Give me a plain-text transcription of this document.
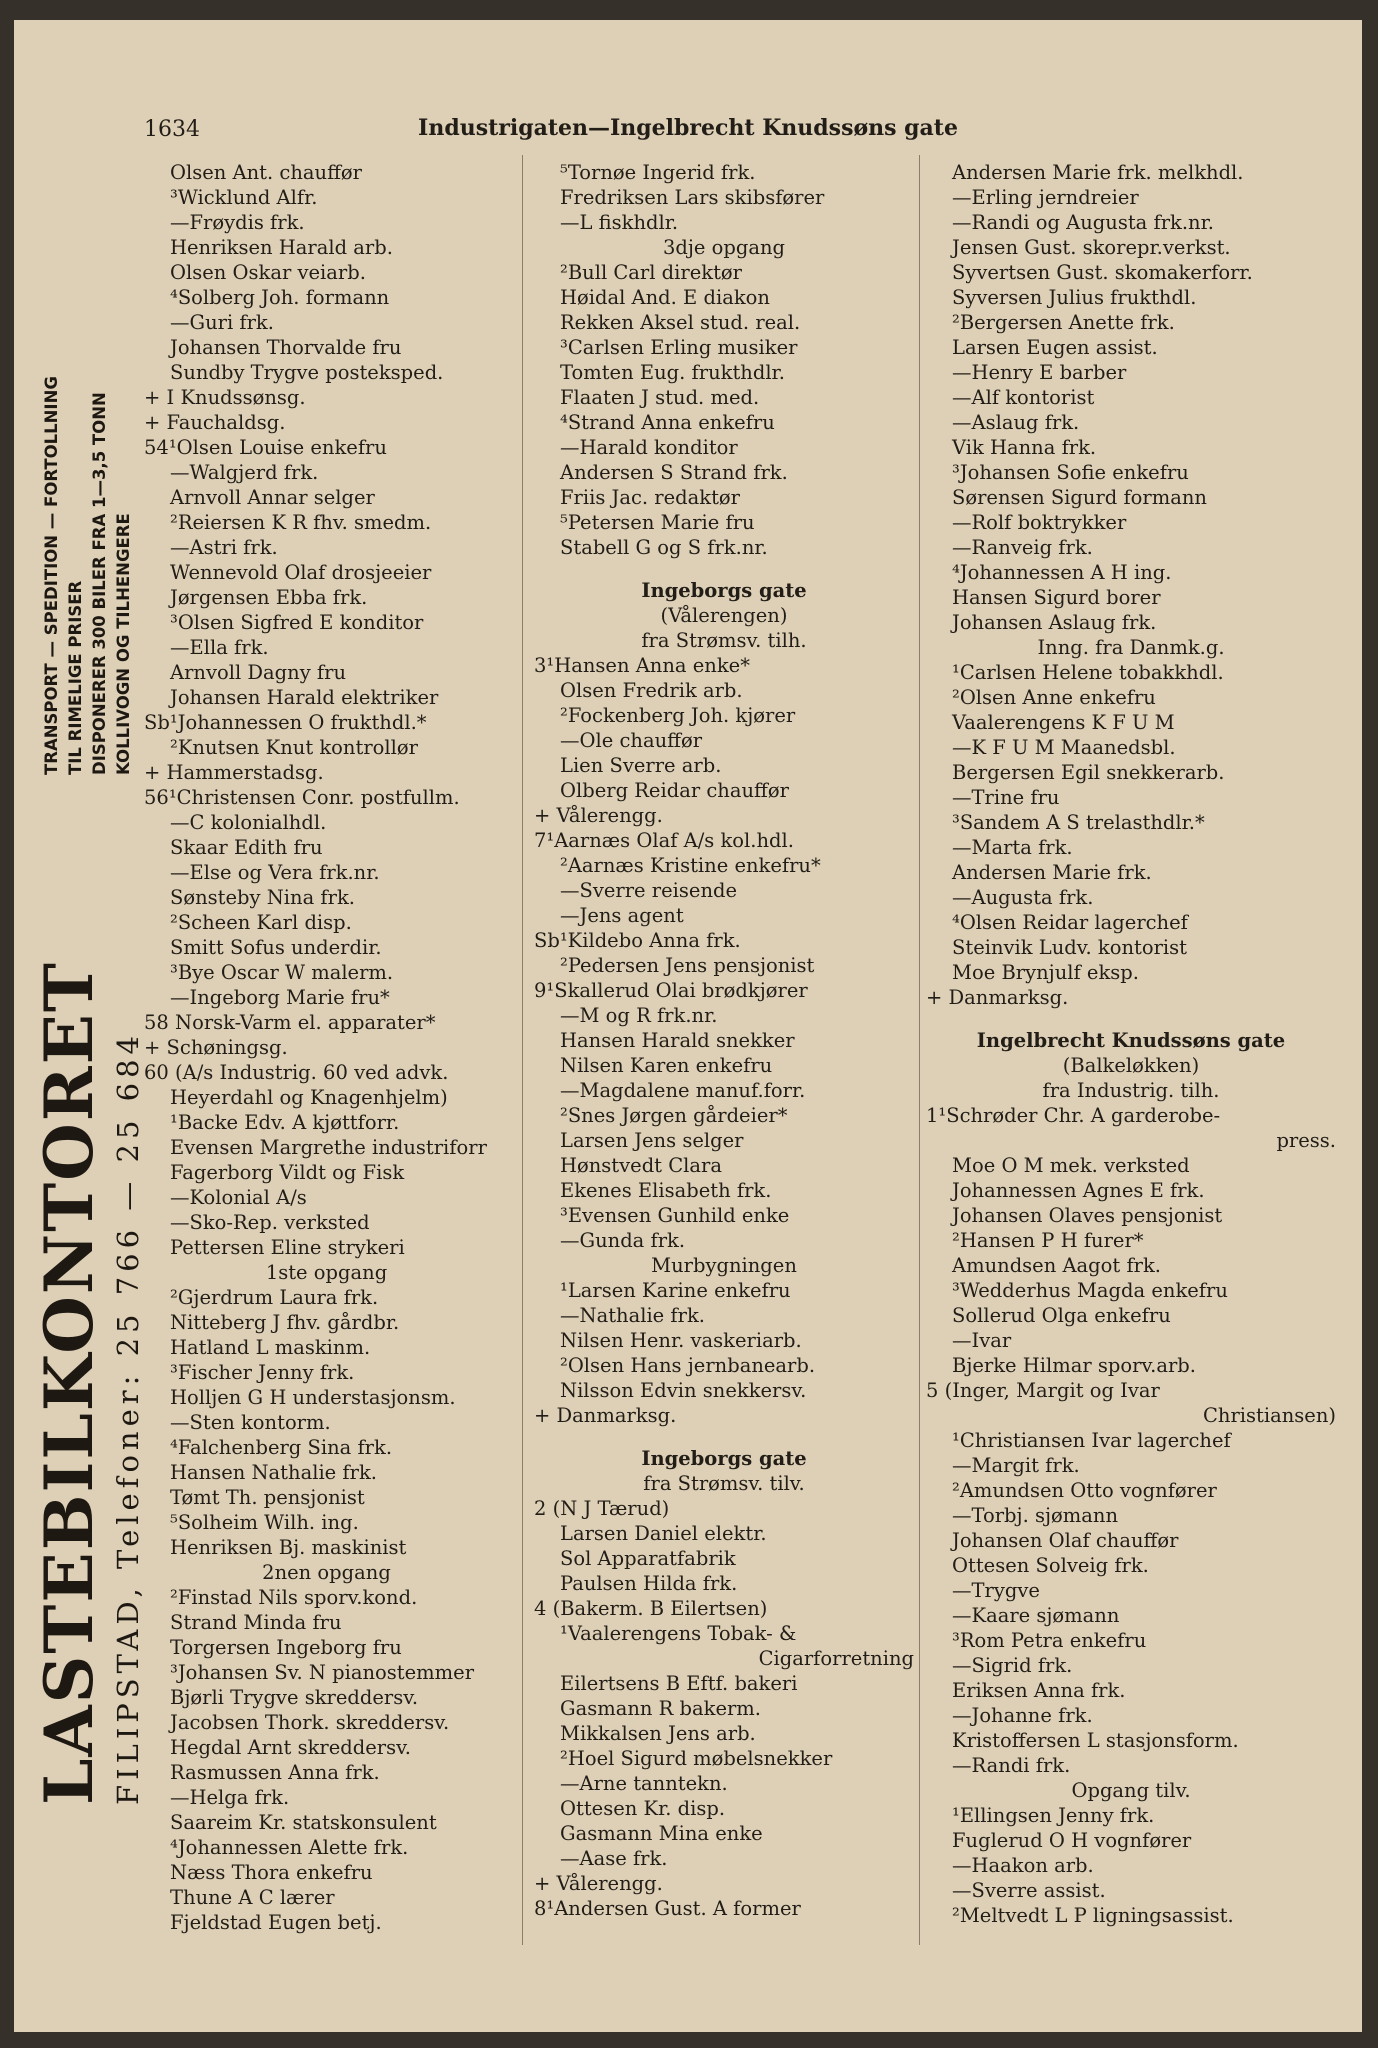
1634	Industrigaten—Ingelbrecht Knudssøns gate
LASTEBILKONTORET FILIPSTAD, Telefoner: 25 766 — 25 684
TRANSPORT — SPEDITION — FORTOLLNING TIL RIMELIGE PRISER DISPONERER 300 BILER FRA 1—3,5 TONN KOLLIVOGN OG TILHENGERE
Olsen Ant. chauffør
³Wicklund Alfr.
—Frøydis frk.
Henriksen Harald arb.
Olsen Oskar veiarb.
⁴Solberg Joh. formann
—Guri frk.
Johansen Thorvalde fru
Sundby Trygve posteksped.
+ I Knudssønsg.
+ Fauchaldsg.
54¹Olsen Louise enkefru
—Walgjerd frk.
Arnvoll Annar selger
²Reiersen K R fhv. smedm.
—Astri frk.
Wennevold Olaf drosjeeier
Jørgensen Ebba frk.
³Olsen Sigfred E konditor
—Ella frk.
Arnvoll Dagny fru
Johansen Harald elektriker
Sb¹Johannessen O frukthdl.*
²Knutsen Knut kontrollør
+ Hammerstadsg.
56¹Christensen Conr. postfullm.
—C kolonialhdl.
Skaar Edith fru
—Else og Vera frk.nr.
Sønsteby Nina frk.
²Scheen Karl disp.
Smitt Sofus underdir.
³Bye Oscar W malerm.
—Ingeborg Marie fru*
58 Norsk-Varm el. apparater*
+ Schøningsg.
60 (A/s Industrig. 60 ved advk.
Heyerdahl og Knagenhjelm)
¹Backe Edv. A kjøttforr.
Evensen Margrethe industriforr
Fagerborg Vildt og Fisk
—Kolonial A/s
—Sko-Rep. verksted
Pettersen Eline strykeri
1ste opgang
²Gjerdrum Laura frk.
Nitteberg J fhv. gårdbr.
Hatland L maskinm.
³Fischer Jenny frk.
Holljen G H understasjonsm.
—Sten kontorm.
⁴Falchenberg Sina frk.
Hansen Nathalie frk.
Tømt Th. pensjonist
⁵Solheim Wilh. ing.
Henriksen Bj. maskinist
2nen opgang
²Finstad Nils sporv.kond.
Strand Minda fru
Torgersen Ingeborg fru
³Johansen Sv. N pianostemmer
Bjørli Trygve skreddersv.
Jacobsen Thork. skreddersv.
Hegdal Arnt skreddersv.
Rasmussen Anna frk.
—Helga frk.
Saareim Kr. statskonsulent
⁴Johannessen Alette frk.
Næss Thora enkefru
Thune A C lærer
Fjeldstad Eugen betj.
⁵Tornøe Ingerid frk.
Fredriksen Lars skibsfører
—L fiskhdlr.
3dje opgang
²Bull Carl direktør
Høidal And. E diakon
Rekken Aksel stud. real.
³Carlsen Erling musiker
Tomten Eug. frukthdlr.
Flaaten J stud. med.
⁴Strand Anna enkefru
—Harald konditor
Andersen S Strand frk.
Friis Jac. redaktør
⁵Petersen Marie fru
Stabell G og S frk.nr.
Ingeborgs gate
(Vålerengen)
fra Strømsv. tilh.
3¹Hansen Anna enke*
Olsen Fredrik arb.
²Fockenberg Joh. kjører
—Ole chauffør
Lien Sverre arb.
Olberg Reidar chauffør
+ Vålerengg.
7¹Aarnæs Olaf A/s kol.hdl.
²Aarnæs Kristine enkefru*
—Sverre reisende
—Jens agent
Sb¹Kildebo Anna frk.
²Pedersen Jens pensjonist
9¹Skallerud Olai brødkjører
—M og R frk.nr.
Hansen Harald snekker
Nilsen Karen enkefru
—Magdalene manuf.forr.
²Snes Jørgen gårdeier*
Larsen Jens selger
Hønstvedt Clara
Ekenes Elisabeth frk.
³Evensen Gunhild enke
—Gunda frk.
Murbygningen
¹Larsen Karine enkefru
—Nathalie frk.
Nilsen Henr. vaskeriarb.
²Olsen Hans jernbanearb.
Nilsson Edvin snekkersv.
+ Danmarksg.
Ingeborgs gate
fra Strømsv. tilv.
2 (N J Tærud)
Larsen Daniel elektr.
Sol Apparatfabrik
Paulsen Hilda frk.
4 (Bakerm. B Eilertsen)
¹Vaalerengens Tobak- &
Cigarforretning
Eilertsens B Eftf. bakeri
Gasmann R bakerm.
Mikkalsen Jens arb.
²Hoel Sigurd møbelsnekker
—Arne tanntekn.
Ottesen Kr. disp.
Gasmann Mina enke
—Aase frk.
+ Vålerengg.
8¹Andersen Gust. A former
Andersen Marie frk. melkhdl.
—Erling jerndreier
—Randi og Augusta frk.nr.
Jensen Gust. skorepr.verkst.
Syvertsen Gust. skomakerforr.
Syversen Julius frukthdl.
²Bergersen Anette frk.
Larsen Eugen assist.
—Henry E barber
—Alf kontorist
—Aslaug frk.
Vik Hanna frk.
³Johansen Sofie enkefru
Sørensen Sigurd formann
—Rolf boktrykker
—Ranveig frk.
⁴Johannessen A H ing.
Hansen Sigurd borer
Johansen Aslaug frk.
Inng. fra Danmk.g.
¹Carlsen Helene tobakkhdl.
²Olsen Anne enkefru
Vaalerengens K F U M
—K F U M Maanedsbl.
Bergersen Egil snekkerarb.
—Trine fru
³Sandem A S trelasthdlr.*
—Marta frk.
Andersen Marie frk.
—Augusta frk.
⁴Olsen Reidar lagerchef
Steinvik Ludv. kontorist
Moe Brynjulf eksp.
+ Danmarksg.
Ingelbrecht Knudssøns gate
(Balkeløkken)
fra Industrig. tilh.
1¹Schrøder Chr. A garderobe-
press.
Moe O M mek. verksted
Johannessen Agnes E frk.
Johansen Olaves pensjonist
²Hansen P H furer*
Amundsen Aagot frk.
³Wedderhus Magda enkefru
Sollerud Olga enkefru
—Ivar
Bjerke Hilmar sporv.arb.
5 (Inger, Margit og Ivar
Christiansen)
¹Christiansen Ivar lagerchef
—Margit frk.
²Amundsen Otto vognfører
—Torbj. sjømann
Johansen Olaf chauffør
Ottesen Solveig frk.
—Trygve
—Kaare sjømann
³Rom Petra enkefru
—Sigrid frk.
Eriksen Anna frk.
—Johanne frk.
Kristoffersen L stasjonsform.
—Randi frk.
Opgang tilv.
¹Ellingsen Jenny frk.
Fuglerud O H vognfører
—Haakon arb.
—Sverre assist.
²Meltvedt L P ligningsassist.
